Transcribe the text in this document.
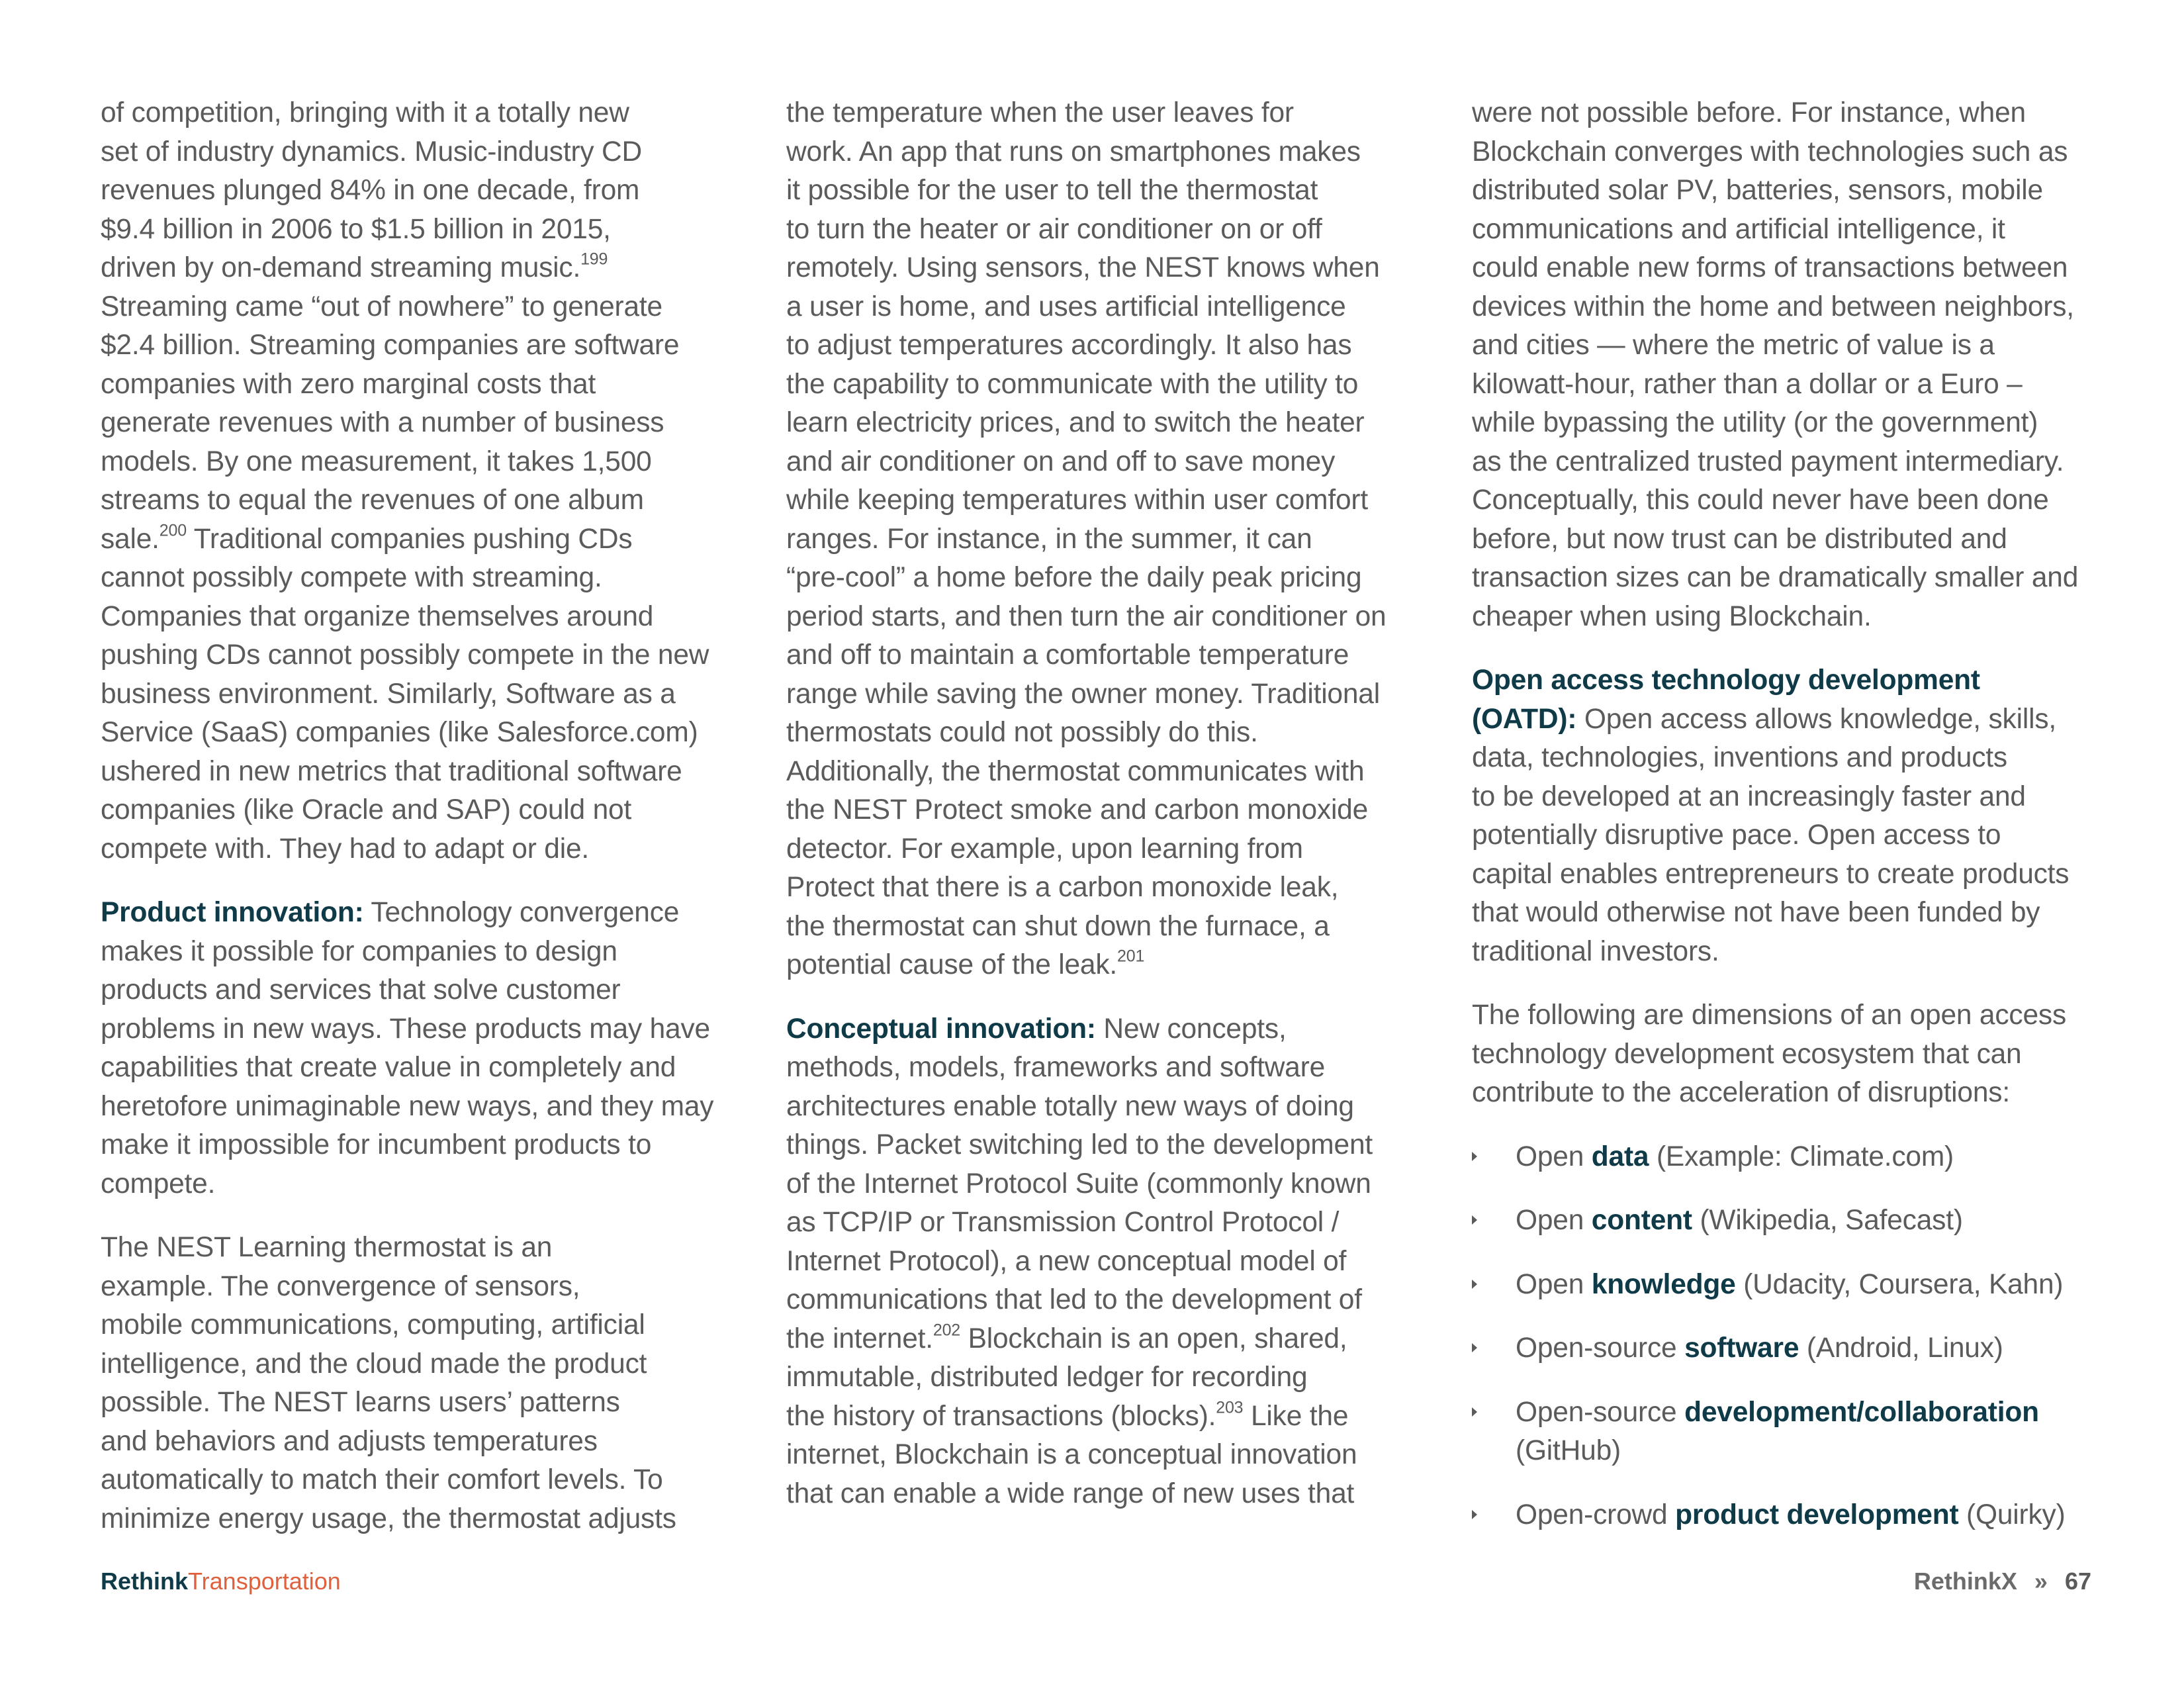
of competition, bringing with it a totally new
set of industry dynamics. Music-industry CD
revenues plunged 84% in one decade, from
$9.4 billion in 2006 to $1.5 billion in 2015,
driven by on-demand streaming music.$^{199}$
Streaming came “out of nowhere” to generate
$2.4 billion. Streaming companies are software
companies with zero marginal costs that
generate revenues with a number of business
models. By one measurement, it takes 1,500
streams to equal the revenues of one album
sale.$^{200}$ Traditional companies pushing CDs
cannot possibly compete with streaming.
Companies that organize themselves around
pushing CDs cannot possibly compete in the new
business environment. Similarly, Software as a
Service (SaaS) companies (like Salesforce.com)
ushered in new metrics that traditional software
companies (like Oracle and SAP) could not
compete with. They had to adapt or die.

Product innovation: Technology convergence
makes it possible for companies to design
products and services that solve customer
problems in new ways. These products may have
capabilities that create value in completely and
heretofore unimaginable new ways, and they may
make it impossible for incumbent products to
compete.

The NEST Learning thermostat is an
example. The convergence of sensors,
mobile communications, computing, artificial
intelligence, and the cloud made the product
possible. The NEST learns users’ patterns
and behaviors and adjusts temperatures
automatically to match their comfort levels. To
minimize energy usage, the thermostat adjusts

the temperature when the user leaves for
work. An app that runs on smartphones makes
it possible for the user to tell the thermostat
to turn the heater or air conditioner on or off
remotely. Using sensors, the NEST knows when
a user is home, and uses artificial intelligence
to adjust temperatures accordingly. It also has
the capability to communicate with the utility to
learn electricity prices, and to switch the heater
and air conditioner on and off to save money
while keeping temperatures within user comfort
ranges. For instance, in the summer, it can
“pre-cool” a home before the daily peak pricing
period starts, and then turn the air conditioner on
and off to maintain a comfortable temperature
range while saving the owner money. Traditional
thermostats could not possibly do this.
Additionally, the thermostat communicates with
the NEST Protect smoke and carbon monoxide
detector. For example, upon learning from
Protect that there is a carbon monoxide leak,
the thermostat can shut down the furnace, a
potential cause of the leak.$^{201}$

Conceptual innovation: New concepts,
methods, models, frameworks and software
architectures enable totally new ways of doing
things. Packet switching led to the development
of the Internet Protocol Suite (commonly known
as TCP/IP or Transmission Control Protocol /
Internet Protocol), a new conceptual model of
communications that led to the development of
the internet.$^{202}$ Blockchain is an open, shared,
immutable, distributed ledger for recording
the history of transactions (blocks).$^{203}$ Like the
internet, Blockchain is a conceptual innovation
that can enable a wide range of new uses that

were not possible before. For instance, when
Blockchain converges with technologies such as
distributed solar PV, batteries, sensors, mobile
communications and artificial intelligence, it
could enable new forms of transactions between
devices within the home and between neighbors,
and cities — where the metric of value is a
kilowatt-hour, rather than a dollar or a Euro –
while bypassing the utility (or the government)
as the centralized trusted payment intermediary.
Conceptually, this could never have been done
before, but now trust can be distributed and
transaction sizes can be dramatically smaller and
cheaper when using Blockchain.

Open access technology development
(OATD): Open access allows knowledge, skills,
data, technologies, inventions and products
to be developed at an increasingly faster and
potentially disruptive pace. Open access to
capital enables entrepreneurs to create products
that would otherwise not have been funded by
traditional investors.

The following are dimensions of an open access
technology development ecosystem that can
contribute to the acceleration of disruptions:

Open data (Example: Climate.com)
Open content (Wikipedia, Safecast)
Open knowledge (Udacity, Coursera, Kahn)
Open-source software (Android, Linux)
Open-source development/collaboration
(GitHub)
Open-crowd product development (Quirky)
RethinkTransportation	RethinkX » 67
